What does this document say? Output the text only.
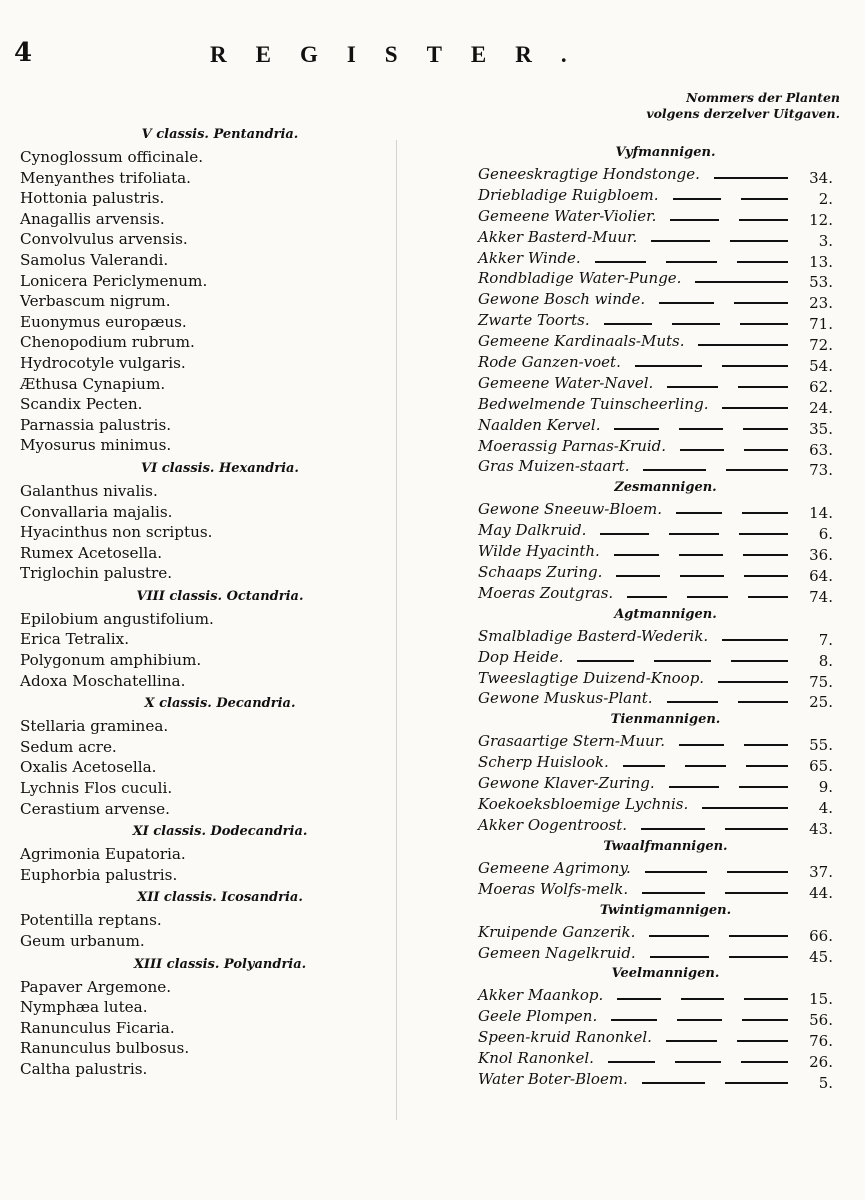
4	REGISTER.
Nommers der Planten
volgens derzelver Uitgaven.
V classis. Pentandria.
Cynoglossum officinale.
Menyanthes trifoliata.
Hottonia palustris.
Anagallis arvensis.
Convolvulus arvensis.
Samolus Valerandi.
Lonicera Periclymenum.
Verbascum nigrum.
Euonymus europæus.
Chenopodium rubrum.
Hydrocotyle vulgaris.
Æthusa Cynapium.
Scandix Pecten.
Parnassia palustris.
Myosurus minimus.
VI classis. Hexandria.
Galanthus nivalis.
Convallaria majalis.
Hyacinthus non scriptus.
Rumex Acetosella.
Triglochin palustre.
VIII classis. Octandria.
Epilobium angustifolium.
Erica Tetralix.
Polygonum amphibium.
Adoxa Moschatellina.
X classis. Decandria.
Stellaria graminea.
Sedum acre.
Oxalis Acetosella.
Lychnis Flos cuculi.
Cerastium arvense.
XI classis. Dodecandria.
Agrimonia Eupatoria.
Euphorbia palustris.
XII classis. Icosandria.
Potentilla reptans.
Geum urbanum.
XIII classis. Polyandria.
Papaver Argemone.
Nymphæa lutea.
Ranunculus Ficaria.
Ranunculus bulbosus.
Caltha palustris.
Vyfmannigen.
Geneeskragtige Hondstonge.	34.
Driebladige Ruigbloem.	2.
Gemeene Water-Violier.	12.
Akker Basterd-Muur.	3.
Akker Winde.	13.
Rondbladige Water-Punge.	53.
Gewone Bosch winde.	23.
Zwarte Toorts.	71.
Gemeene Kardinaals-Muts.	72.
Rode Ganzen-voet.	54.
Gemeene Water-Navel.	62.
Bedwelmende Tuinscheerling.	24.
Naalden Kervel.	35.
Moerassig Parnas-Kruid.	63.
Gras Muizen-staart.	73.
Zesmannigen.
Gewone Sneeuw-Bloem.	14.
May Dalkruid.	6.
Wilde Hyacinth.	36.
Schaaps Zuring.	64.
Moeras Zoutgras.	74.
Agtmannigen.
Smalbladige Basterd-Wederik.	7.
Dop Heide.	8.
Tweeslagtige Duizend-Knoop.	75.
Gewone Muskus-Plant.	25.
Tienmannigen.
Grasaartige Stern-Muur.	55.
Scherp Huislook.	65.
Gewone Klaver-Zuring.	9.
Koekoeksbloemige Lychnis.	4.
Akker Oogentroost.	43.
Twaalfmannigen.
Gemeene Agrimony.	37.
Moeras Wolfs-melk.	44.
Twintigmannigen.
Kruipende Ganzerik.	66.
Gemeen Nagelkruid.	45.
Veelmannigen.
Akker Maankop.	15.
Geele Plompen.	56.
Speen-kruid Ranonkel.	76.
Knol Ranonkel.	26.
Water Boter-Bloem.	5.
